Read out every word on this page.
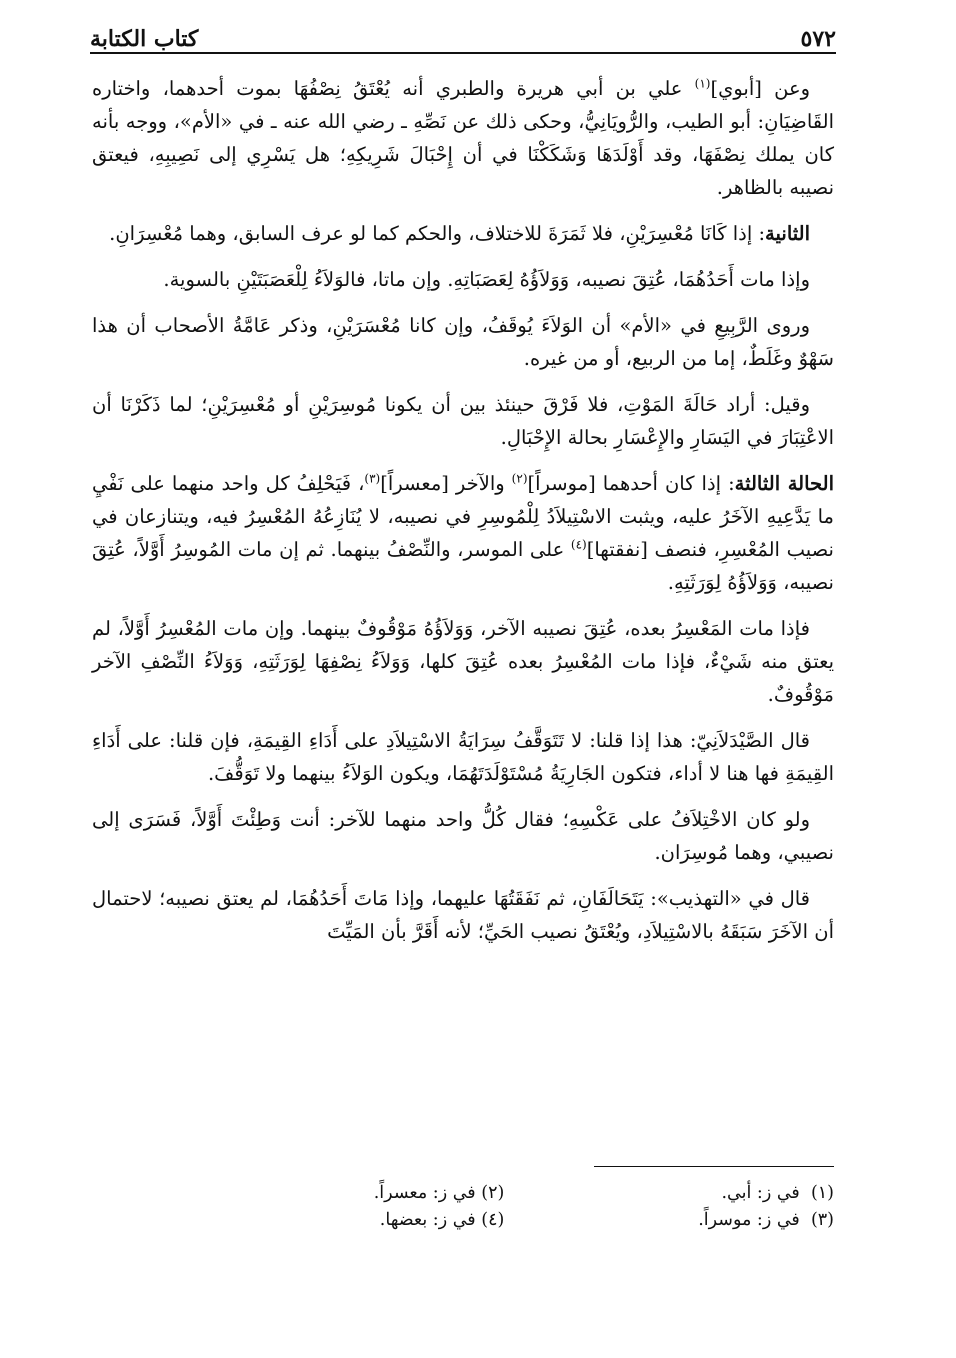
٥٧٢
كتاب الكتابة

وعن [أبوي]$^{(١)}$ علي بن أبي هريرة والطبري أنه يُعْتَقُ نِصْفُهَا بموت أحدهما، واختاره القَاضِيَانِ: أبو الطيب، والرُّويَانِيُّ، وحكى ذلك عن نَصِّهِ ـ رضي الله عنه ـ في «الأم»، ووجه بأنه كان يملك نِصْفَهَا، وقد أَوْلَدَهَا وَشَكَكْنَا في أن إِحْبَالَ شَرِيكِهِ؛ هل يَسْرِي إلى نَصِيبِهِ، فيعتق نصيبه بالظاهر.

الثانية: إذا كَانَا مُعْسِرَيْنِ، فلا ثَمَرَةَ للاختلاف، والحكم كما لو عرف السابق، وهما مُعْسِرَانِ.

وإذا مات أَحَدُهُمَا، عُتِقَ نصيبه، وَوَلاَؤُهُ لِعَصَبَاتِهِ. وإن ماتا، فالوَلاَءُ لِلْعَصَبَتَيْنِ بالسوية.

وروى الرَّبِيعِ في «الأم» أن الوَلاَءَ يُوقَفُ، وإن كانا مُعْسَرَيْنِ، وذكر عَامَّةُ الأصحاب أن هذا سَهْوٌ وغَلَطٌ، إما من الربيع، أو من غيره.

وقيل: أراد حَالَةَ المَوْتِ، فلا فَرْقَ حينئذ بين أن يكونا مُوسِرَيْنِ أو مُعْسِرَيْنِ؛ لما ذَكَرْنَا أن الاعْتِبَارَ في اليَسَارِ والإِعْسَارِ بحالة الإِحْبَالِ.

الحالة الثالثة: إذا كان أحدهما [موسراً]$^{(٢)}$ والآخر [معسراً]$^{(٣)}$، فَيَحْلِفُ كل واحد منهما على نَفْيِ ما يَدَّعِيهِ الآخَرُ عليه، ويثبت الاسْتِيلاَدُ لِلْمُوسِرِ في نصيبه، لا يُنَازِعُهُ المُعْسِرُ فيه، ويتنازعان في نصيب المُعْسِرِ، فنصف [نفقتها]$^{(٤)}$ على الموسر، والنِّصْفُ بينهما. ثم إن مات المُوسِرُ أَوَّلاً، عُتِقَ نصيبه، وَوَلاَؤُهُ لِوَرَثَتِهِ.

فإذا مات المَعْسِرُ بعده، عُتِقَ نصيبه الآخر، وَوَلاَؤُهُ مَوْقُوفٌ بينهما. وإن مات المُعْسِرُ أَوَّلاً، لم يعتق منه شَيْءٌ، فإذا مات المُعْسِرُ بعده عُتِقَ كلها، وَوَلاَءُ نِصْفِهَا لِوَرَثَتِهِ، وَوَلاَءُ النِّصْفِ الآخر مَوْقُوفٌ.

قال الصَّيْدَلاَنِيّ: هذا إذا قلنا: لا تَتَوَقَّفُ سِرَايَةُ الاسْتِيلاَدِ على أَدَاءِ القِيمَةِ، فإن قلنا: على أَدَاءِ القِيمَةِ فها هنا لا أداء، فتكون الجَارِيَةُ مُسْتَوْلَدَتَهُمَا، ويكون الوَلاَءُ بينهما ولا تَوَقُّفَ.

ولو كان الاخْتِلاَفُ على عَكْسِهِ؛ فقال كُلُّ واحد منهما للآخر: أنت وَطِئْتَ أَوَّلاً، فَسَرَى إلى نصيبي، وهما مُوسِرَان.

قال في «التهذيب»: يَتَحَالَفَانِ، ثم نَفَقَتُهَا عليهما، وإذا مَاتَ أَحَدُهُمَا، لم يعتق نصيبه؛ لاحتمال أن الآخَرَ سَبَقَهُ بالاسْتِيلاَدِ، ويُعْتَقُ نصيب الحَيِّ؛ لأنه أَقَرَّ بأن المَيِّتَ

(١)  في ز: أبي.
(٢) في ز: معسراً.
(٣)  في ز: موسراً.
(٤) في ز: بعضها.
